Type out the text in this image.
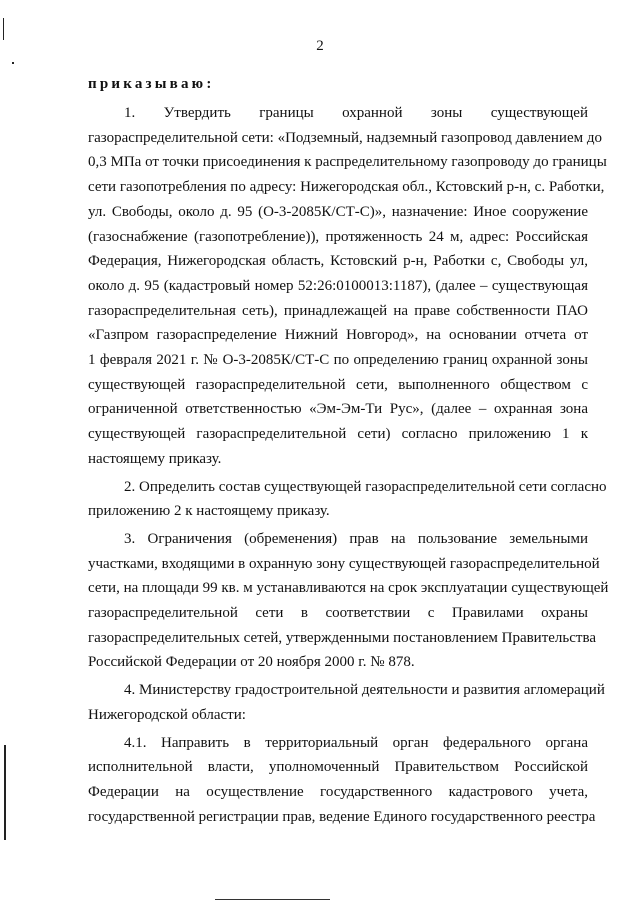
2
приказываю:
1. Утвердить границы охранной зоны существующей
газораспределительной сети: «Подземный, надземный газопровод давлением до
0,3 МПа от точки присоединения к распределительному газопроводу до границы
сети газопотребления по адресу: Нижегородская обл., Кстовский р-н, с. Работки,
ул. Свободы, около д. 95 (О-3-2085К/СТ-С)», назначение: Иное сооружение
(газоснабжение (газопотребление)), протяженность 24 м, адрес: Российская
Федерация, Нижегородская область, Кстовский р-н, Работки с, Свободы ул,
около д. 95 (кадастровый номер 52:26:0100013:1187), (далее – существующая
газораспределительная сеть), принадлежащей на праве собственности ПАО
«Газпром газораспределение Нижний Новгород», на основании отчета от
1 февраля 2021 г. № О-3-2085К/СТ-С по определению границ охранной зоны
существующей газораспределительной сети, выполненного обществом с
ограниченной ответственностью «Эм-Эм-Ти Рус», (далее – охранная зона
существующей газораспределительной сети) согласно приложению 1 к
настоящему приказу.
2. Определить состав существующей газораспределительной сети согласно
приложению 2 к настоящему приказу.
3. Ограничения (обременения) прав на пользование земельными
участками, входящими в охранную зону существующей газораспределительной
сети, на площади 99 кв. м устанавливаются на срок эксплуатации существующей
газораспределительной сети в соответствии с Правилами охраны
газораспределительных сетей, утвержденными постановлением Правительства
Российской Федерации от 20 ноября 2000 г. № 878.
4. Министерству градостроительной деятельности и развития агломераций
Нижегородской области:
4.1. Направить в территориальный орган федерального органа
исполнительной власти, уполномоченный Правительством Российской
Федерации на осуществление государственного кадастрового учета,
государственной регистрации прав, ведение Единого государственного реестра
